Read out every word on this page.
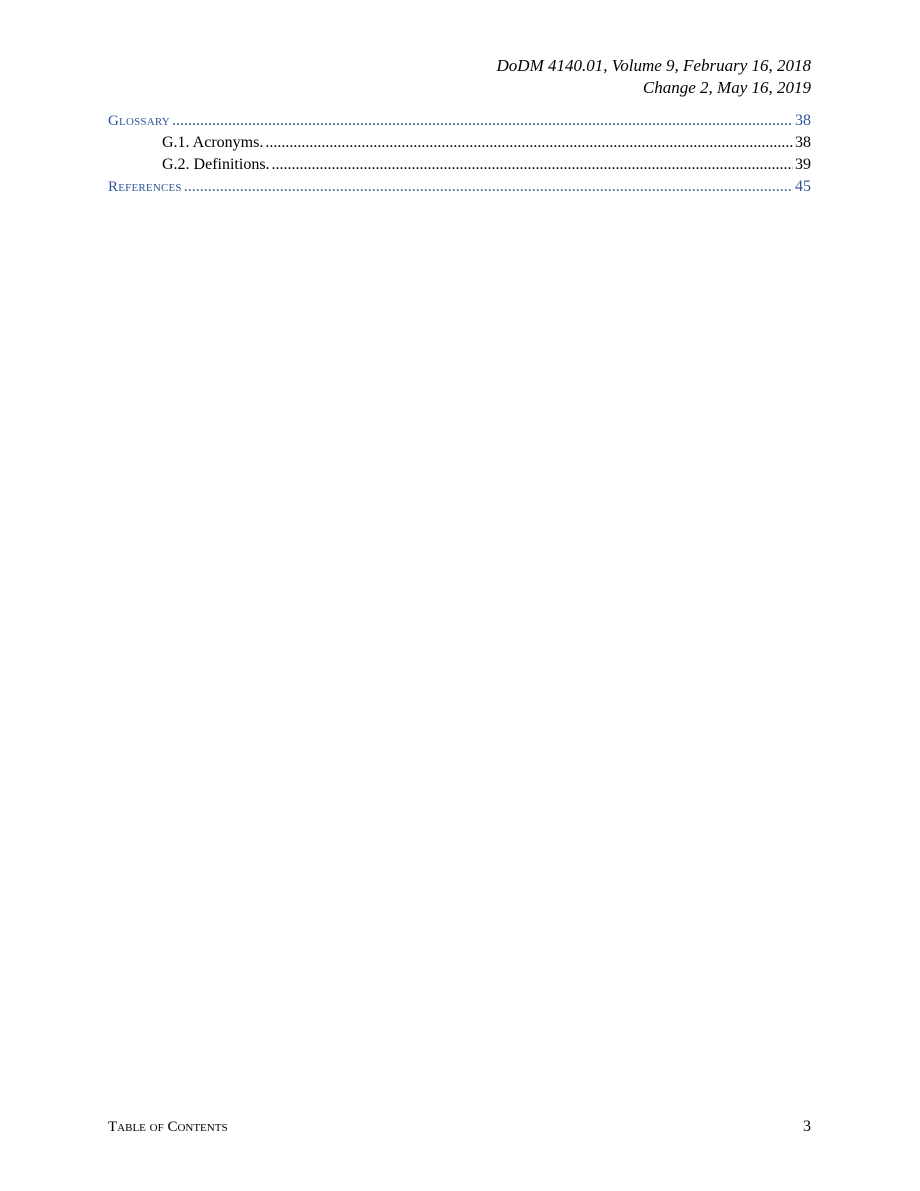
DoDM 4140.01, Volume 9, February 16, 2018
Change 2, May 16, 2019
Glossary . . .	38
G.1. Acronyms. . . .	38
G.2. Definitions. . . .	39
References . . .	45
Table of Contents	3
